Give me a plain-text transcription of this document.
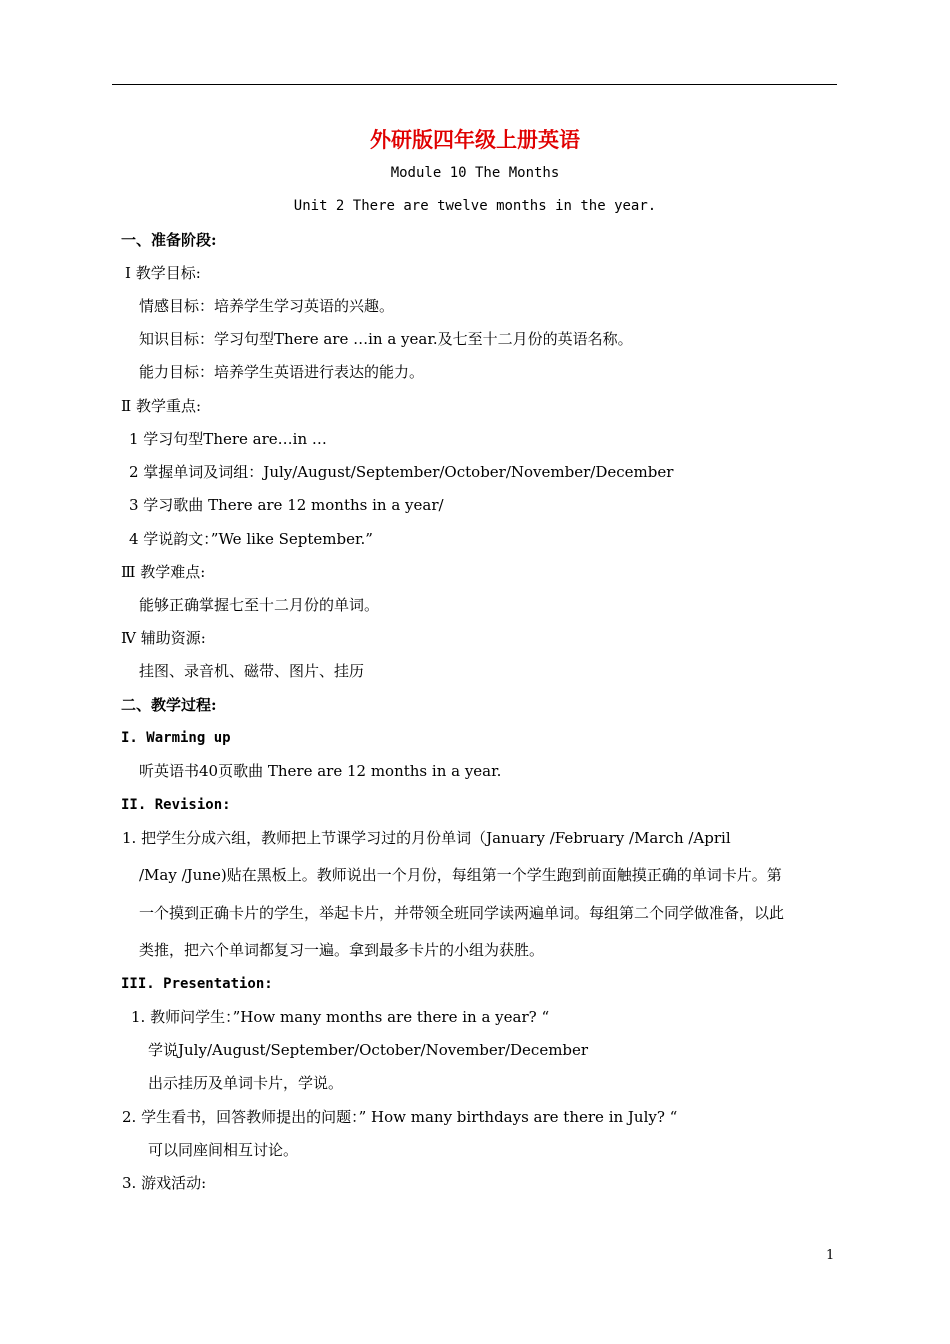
外研版四年级上册英语
Module 10 The Months
Unit 2 There are twelve months in the year.
一、准备阶段:
Ⅰ 教学目标:
情感目标：培养学生学习英语的兴趣。
知识目标：学习句型There are …in a year.及七至十二月份的英语名称。
能力目标：培养学生英语进行表达的能力。
Ⅱ 教学重点:
1 学习句型There are…in …
2 掌握单词及词组：July/August/September/October/November/December
3 学习歌曲 There are 12 months in a year/
4 学说韵文：”We like September.”
Ⅲ 教学难点:
能够正确掌握七至十二月份的单词。
Ⅳ 辅助资源:
挂图、录音机、磁带、图片、挂历
二、教学过程:
I. Warming up
听英语书40页歌曲 There are 12 months in a year.
II. Revision:
1. 把学生分成六组，教师把上节课学习过的月份单词（January /February /March /April
/May /June)贴在黑板上。教师说出一个月份，每组第一个学生跑到前面触摸正确的单词卡片。第
一个摸到正确卡片的学生，举起卡片，并带领全班同学读两遍单词。每组第二个同学做准备，以此
类推，把六个单词都复习一遍。拿到最多卡片的小组为获胜。
III. Presentation:
1. 教师问学生：”How many months are there in a year? “
学说July/August/September/October/November/December
出示挂历及单词卡片，学说。
2. 学生看书，回答教师提出的问题：” How many birthdays are there in July? “
可以同座间相互讨论。
3. 游戏活动:
1
